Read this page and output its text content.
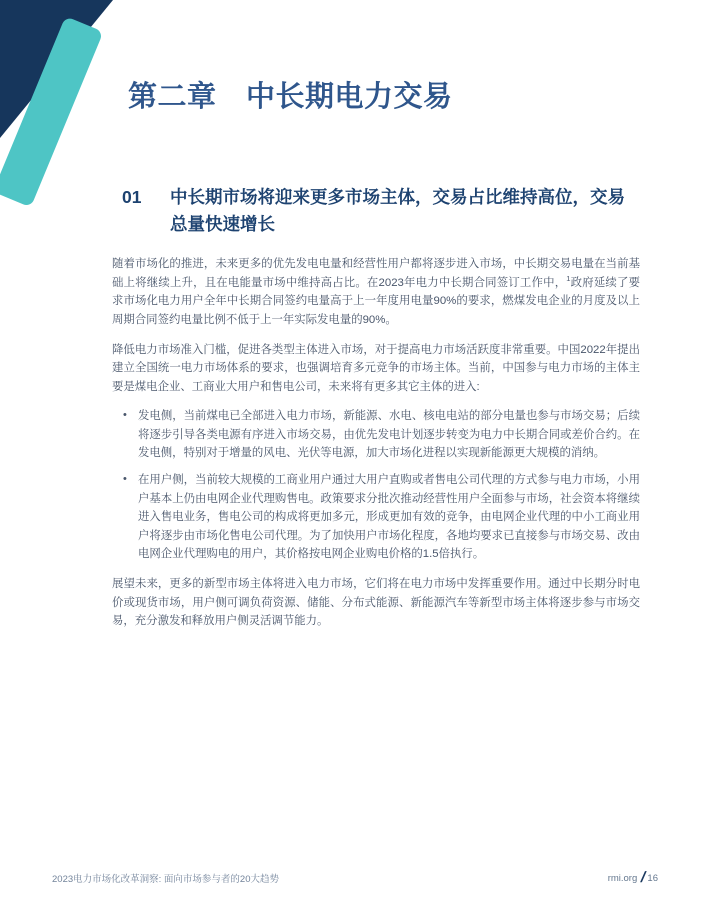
第二章　中长期电力交易
01	中长期市场将迎来更多市场主体，交易占比维持高位，交易总量快速增长

随着市场化的推进，未来更多的优先发电电量和经营性用户都将逐步进入市场，中长期交易电量在当前基础上将继续上升，且在电能量市场中维持高占比。在2023年电力中长期合同签订工作中，$^1$政府延续了要求市场化电力用户全年中长期合同签约电量高于上一年度用电量90%的要求，燃煤发电企业的月度及以上周期合同签约电量比例不低于上一年实际发电量的90%。

降低电力市场准入门槛，促进各类型主体进入市场，对于提高电力市场活跃度非常重要。中国2022年提出建立全国统一电力市场体系的要求，也强调培育多元竞争的市场主体。当前，中国参与电力市场的主体主要是煤电企业、工商业大用户和售电公司，未来将有更多其它主体的进入:

• 发电侧，当前煤电已全部进入电力市场，新能源、水电、核电电站的部分电量也参与市场交易；后续将逐步引导各类电源有序进入市场交易，由优先发电计划逐步转变为电力中长期合同或差价合约。在发电侧，特别对于增量的风电、光伏等电源，加大市场化进程以实现新能源更大规模的消纳。
• 在用户侧，当前较大规模的工商业用户通过大用户直购或者售电公司代理的方式参与电力市场，小用户基本上仍由电网企业代理购售电。政策要求分批次推动经营性用户全面参与市场，社会资本将继续进入售电业务，售电公司的构成将更加多元，形成更加有效的竞争，由电网企业代理的中小工商业用户将逐步由市场化售电公司代理。为了加快用户市场化程度，各地均要求已直接参与市场交易、改由电网企业代理购电的用户，其价格按电网企业购电价格的1.5倍执行。

展望未来，更多的新型市场主体将进入电力市场，它们将在电力市场中发挥重要作用。通过中长期分时电价或现货市场，用户侧可调负荷资源、储能、分布式能源、新能源汽车等新型市场主体将逐步参与市场交易，充分激发和释放用户侧灵活调节能力。

2023电力市场化改革洞察: 面向市场参与者的20大趋势	rmi.org / 16
